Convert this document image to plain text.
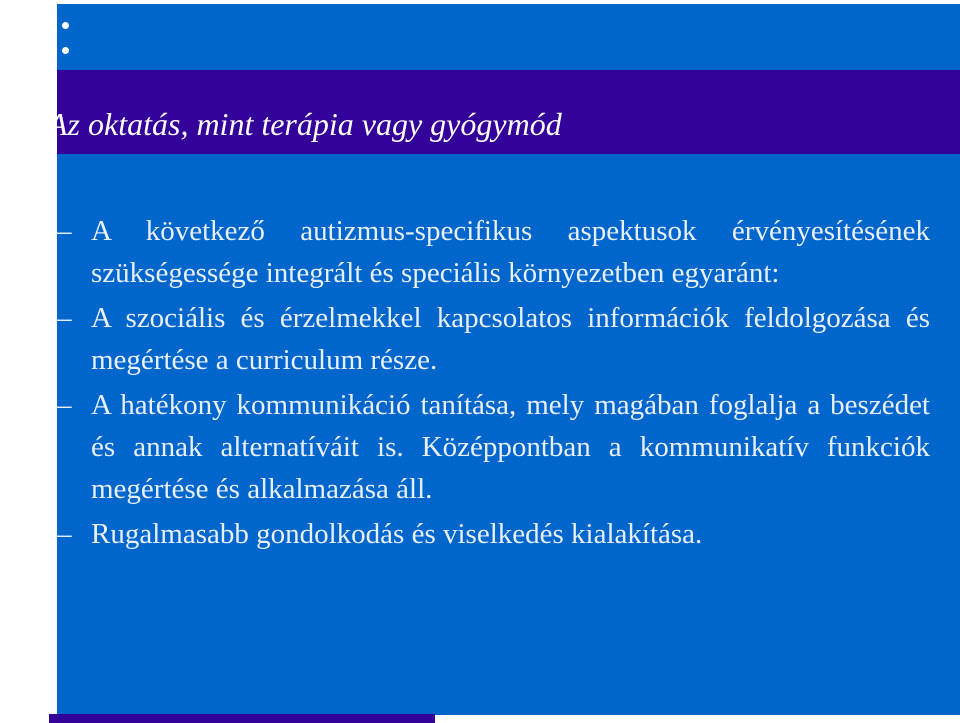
Az oktatás, mint terápia vagy gyógymód
– A következő autizmus-specifikus aspektusok érvényesítésének szükségessége integrált és speciális környezetben egyaránt:
– A szociális és érzelmekkel kapcsolatos információk feldolgozása és megértése a curriculum része.
– A hatékony kommunikáció tanítása, mely magában foglalja a beszédet és annak alternatíváit is. Középpontban a kommunikatív funkciók megértése és alkalmazása áll.
– Rugalmasabb gondolkodás és viselkedés kialakítása.
